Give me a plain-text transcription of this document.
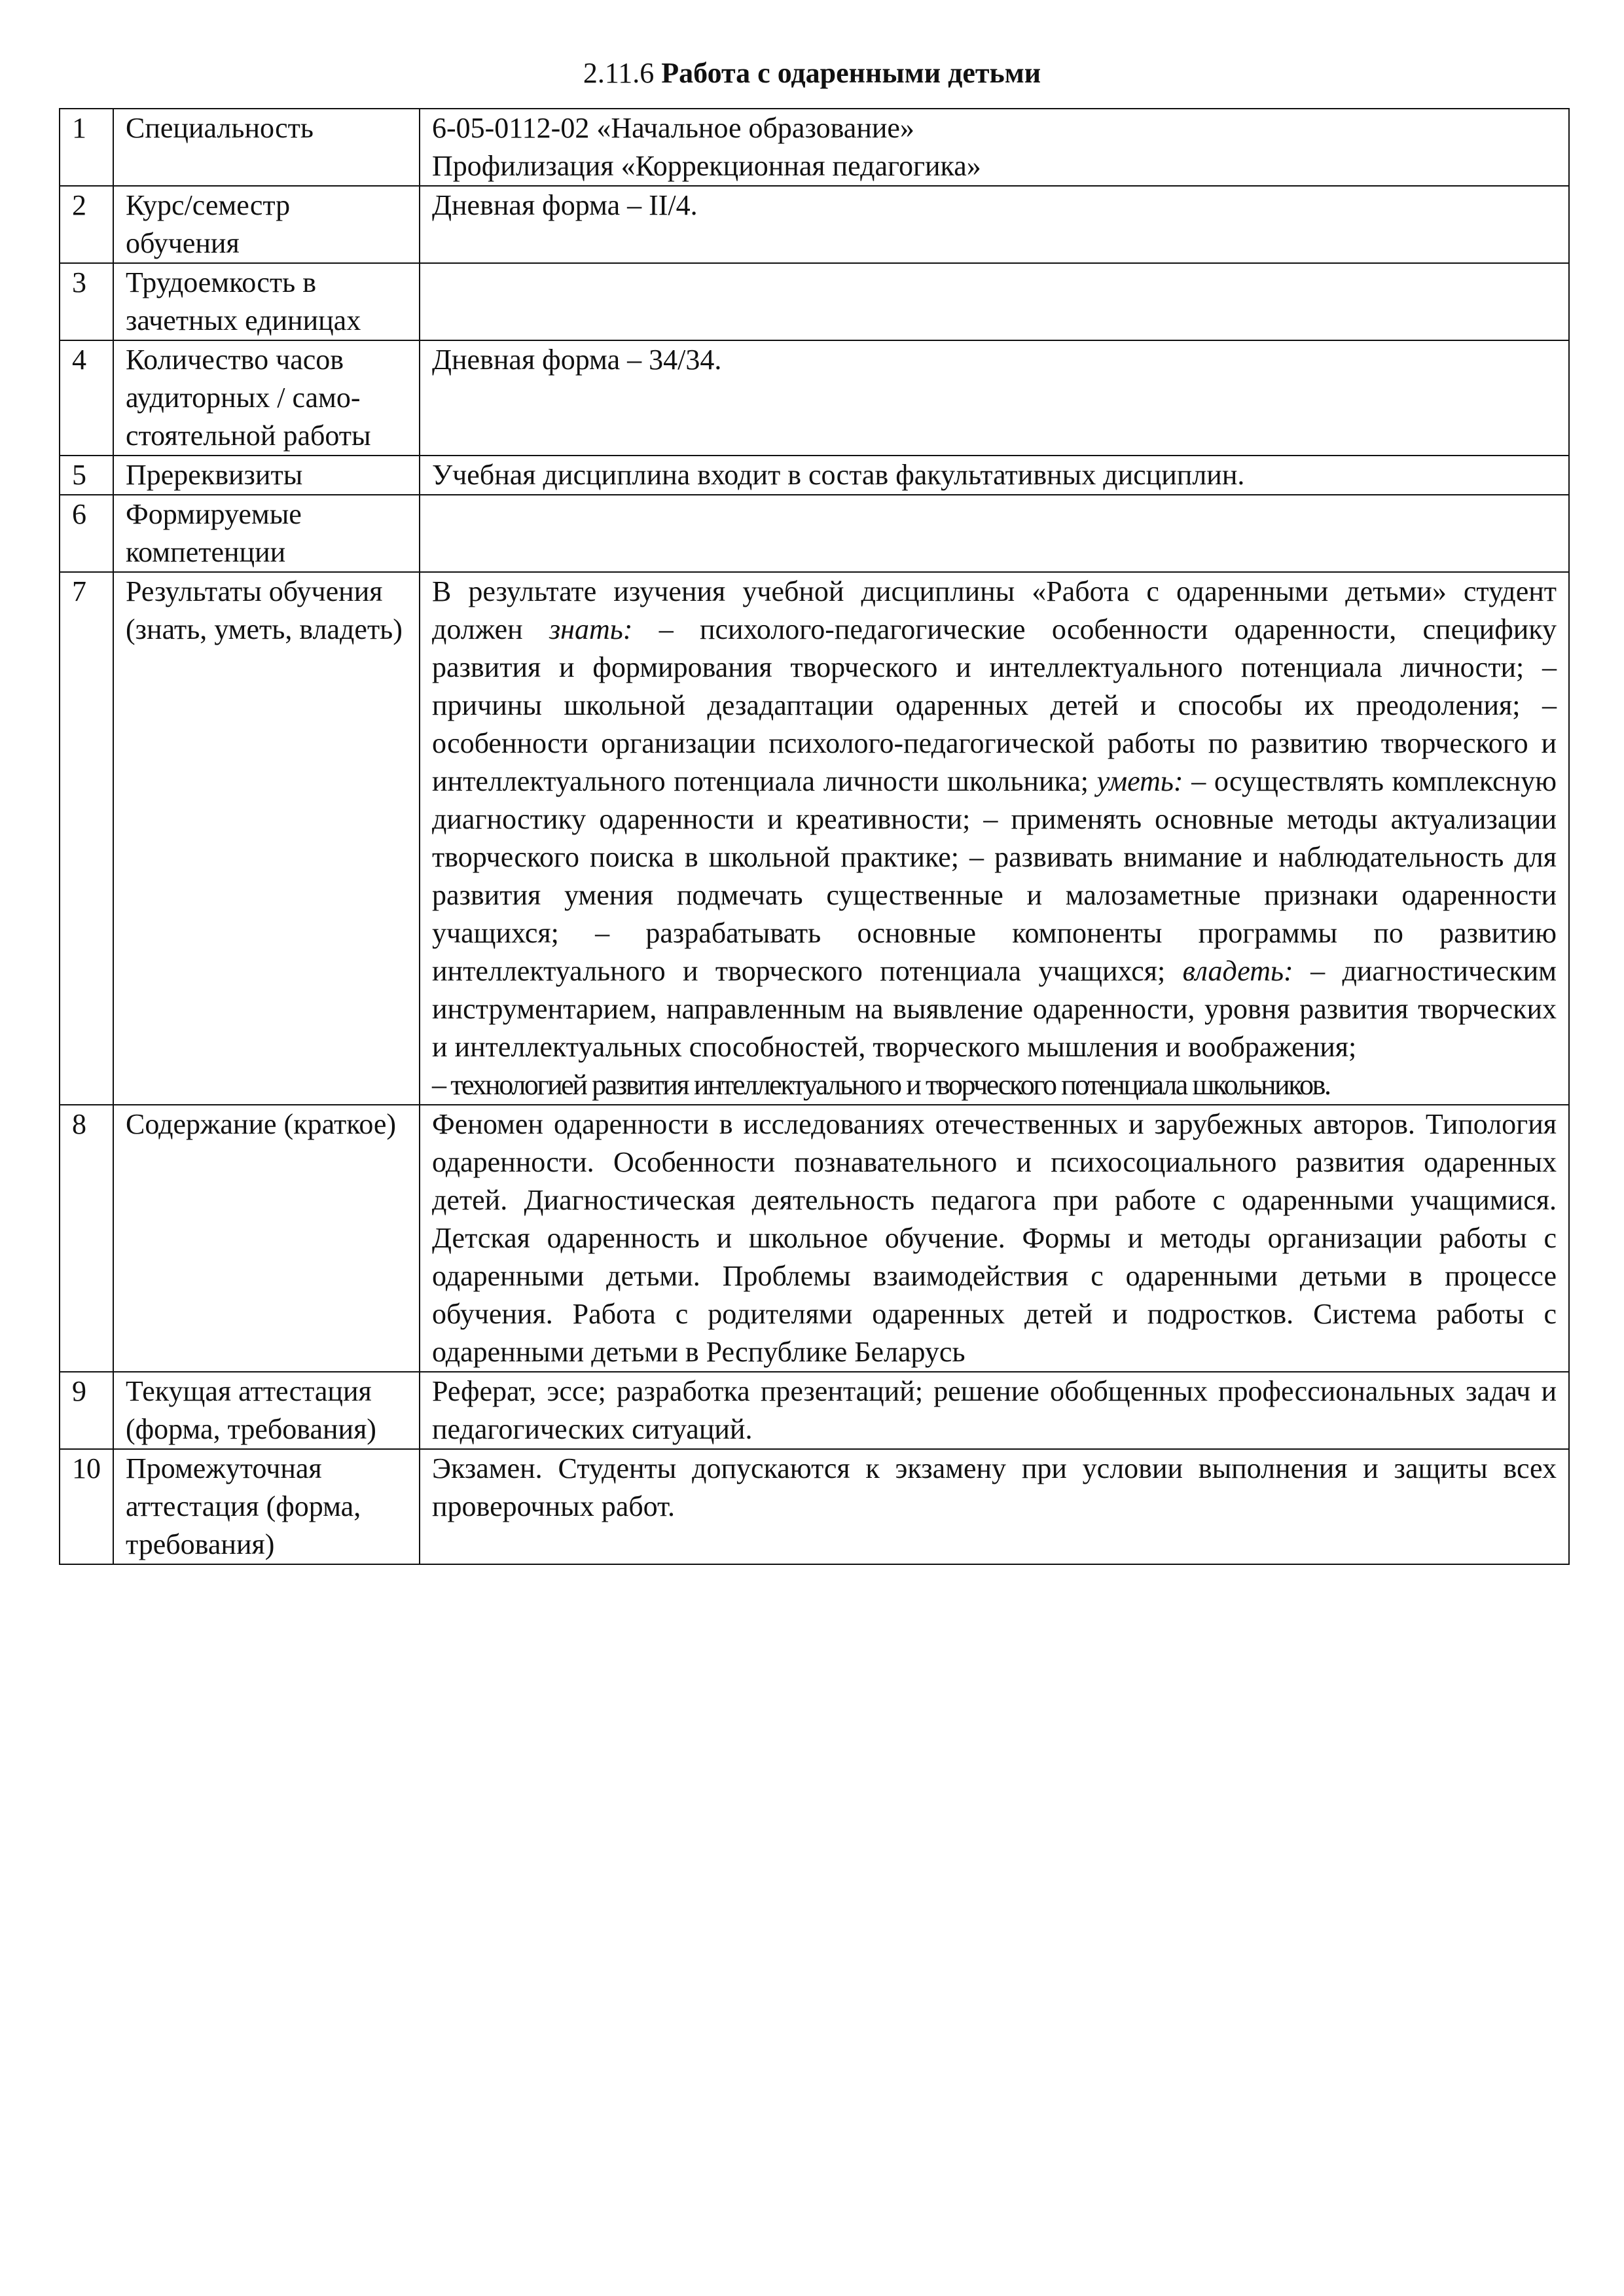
2.11.6 Работа с одаренными детьми
1	Специальность	6-05-0112-02 «Начальное образование»
Профилизация «Коррекционная педагогика»

2	Курс/семестр обучения	Дневная форма – II/4.
3	Трудоемкость в зачетных единицах	
4	Количество часов аудиторных / само-стоятельной работы	Дневная форма – 34/34.
5	Пререквизиты	Учебная дисциплина входит в состав факультативных дисциплин.
6	Формируемые компетенции	
7	Результаты обучения (знать, уметь, владеть)	В результате изучения учебной дисциплины «Работа с одаренными детьми» студент должен знать: – психолого-педагогические особенности одаренности, специфику развития и формирования творческого и интеллектуального потенциала личности; – причины школьной дезадаптации одаренных детей и способы их преодоления; – особенности организации психолого-педагогической работы по развитию творческого и интеллектуального потенциала личности школьника; уметь: – осуществлять комплексную диагностику одаренности и креативности; – применять основные методы актуализации творческого поиска в школьной практике; – развивать внимание и наблюдательность для развития умения подмечать существенные и малозаметные признаки одаренности учащихся; – разрабатывать основные компоненты программы по развитию интеллектуального и творческого потенциала учащихся; владеть: – диагностическим инструментарием, направленным на выявление одаренности, уровня развития творческих и интеллектуальных способностей, творческого мышления и воображения;
– технологией развития интеллектуального и творческого потенциала школьников.

8	Содержание (краткое)	Феномен одаренности в исследованиях отечественных и зарубежных авторов. Типология одаренности. Особенности познавательного и психосоциального развития одаренных детей. Диагностическая деятельность педагога при работе с одаренными учащимися. Детская одаренность и школьное обучение. Формы и методы организации работы с одаренными детьми. Проблемы взаимодействия с одаренными детьми в процессе обучения. Работа с родителями одаренных детей и подростков. Система работы с одаренными детьми в Республике Беларусь
9	Текущая аттестация (форма, требования)	Реферат, эссе; разработка презентаций; решение обобщенных профессиональных задач и педагогических ситуаций.
10	Промежуточная аттестация (форма, требования)	Экзамен. Студенты допускаются к экзамену при условии выполнения и защиты всех проверочных работ.
